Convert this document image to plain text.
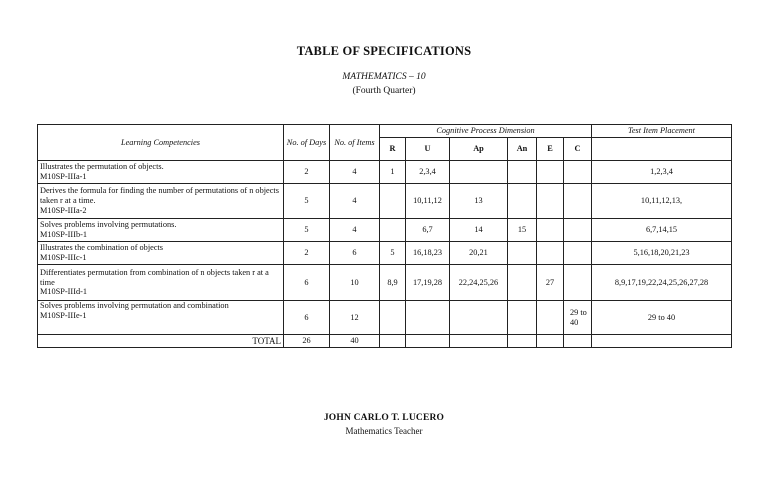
TABLE OF SPECIFICATIONS
MATHEMATICS – 10
(Fourth Quarter)
Learning Competencies	No. of Days	No. of Items	Cognitive Process Dimension						Test Item Placement
			R	U	Ap	An	E	C	
Illustrates the permutation of objects.
M10SP-IIIa-1	2	4	1	2,3,4					1,2,3,4
Derives the formula for finding the number of permutations of n objects taken r at a time.
M10SP-IIIa-2	5	4		10,11,12	13				10,11,12,13,
Solves problems involving permutations.
M10SP-IIIb-1	5	4		6,7	14	15			6,7,14,15
Illustrates the combination of objects
M10SP-IIIc-1	2	6	5	16,18,23	20,21				5,16,18,20,21,23
Differentiates permutation from combination of n objects taken r at a time
M10SP-IIId-1	6	10	8,9	17,19,28	22,24,25,26		27		8,9,17,19,22,24,25,26,27,28
Solves problems involving permutation and combination
M10SP-IIIe-1	6	12						29 to 40	29 to 40
TOTAL	26	40							
JOHN CARLO T. LUCERO
Mathematics Teacher
